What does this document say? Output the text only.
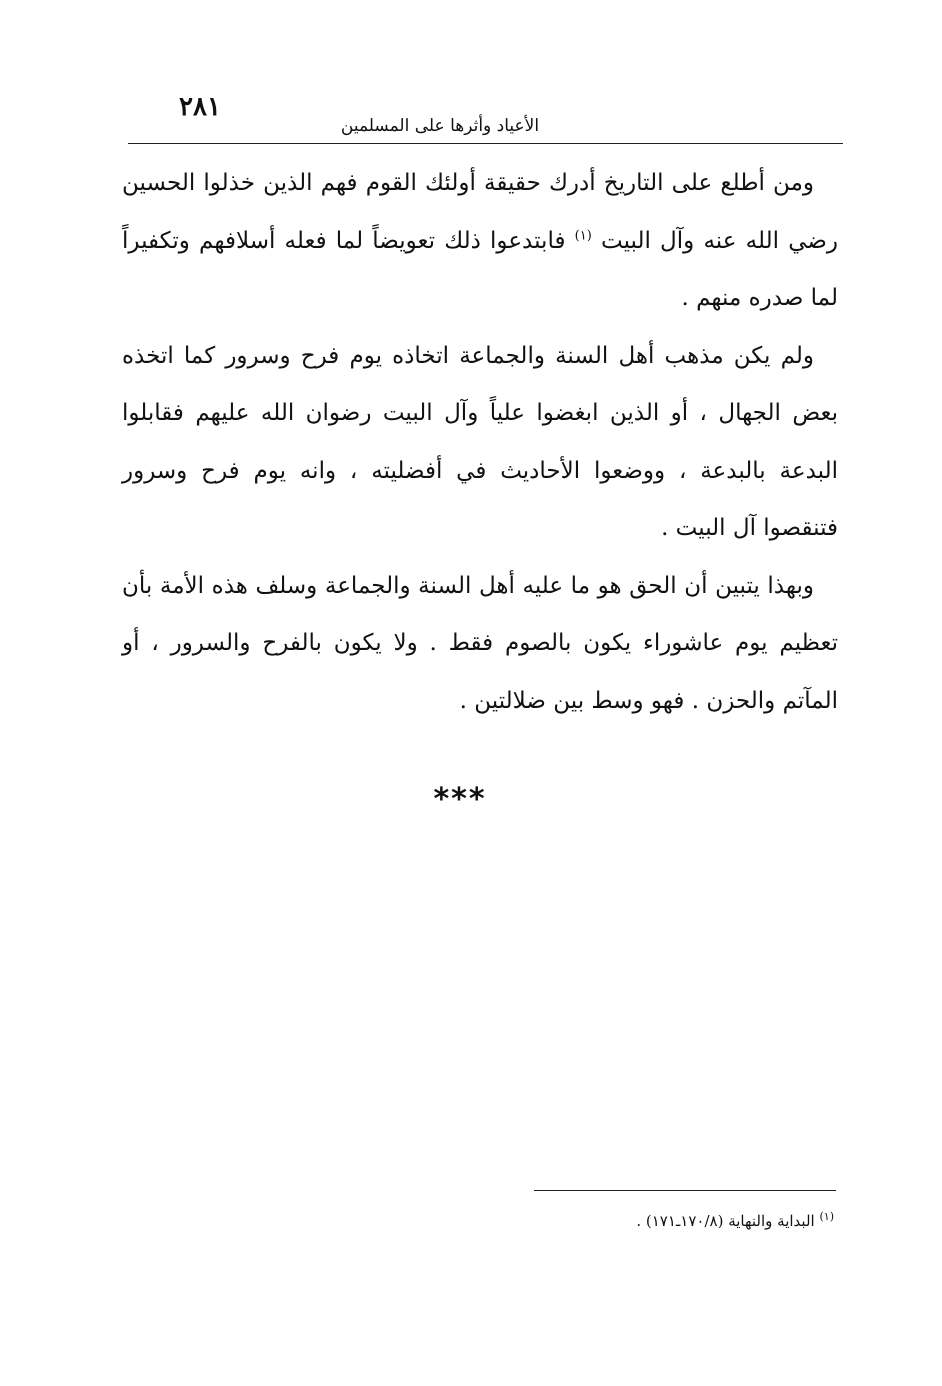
٢٨١
الأعياد وأثرها على المسلمين

ومن أطلع على التاريخ أدرك حقيقة أولئك القوم فهم الذين خذلوا الحسين رضي الله عنه وآل البيت $^{(١)}$ فابتدعوا ذلك تعويضاً لما فعله أسلافهم وتكفيراً لما صدره منهم .

ولم يكن مذهب أهل السنة والجماعة اتخاذه يوم فرح وسرور كما اتخذه بعض الجهال ، أو الذين ابغضوا علياً وآل البيت رضوان الله عليهم فقابلوا البدعة بالبدعة ، ووضعوا الأحاديث في أفضليته ، وانه يوم فرح وسرور فتنقصوا آل البيت .

وبهذا يتبين أن الحق هو ما عليه أهل السنة والجماعة وسلف هذه الأمة بأن تعظيم يوم عاشوراء يكون بالصوم فقط . ولا يكون بالفرح والسرور ، أو المآتم والحزن . فهو وسط بين ضلالتين .

***
$^{(١)}$ البداية والنهاية (١٧٠/٨ـ١٧١) .
